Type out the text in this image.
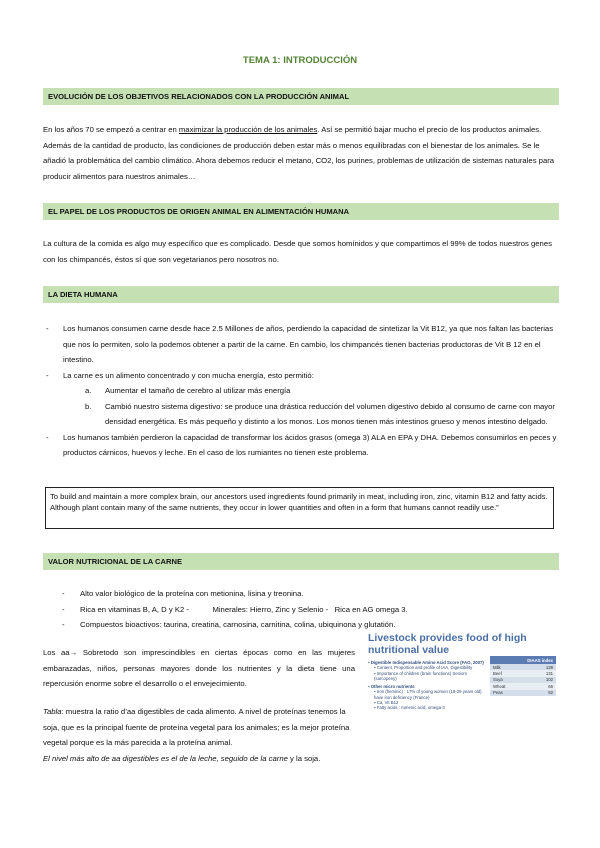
TEMA 1: INTRODUCCIÓN
EVOLUCIÓN DE LOS OBJETIVOS RELACIONADOS CON LA PRODUCCIÓN ANIMAL
En los años 70 se empezó a centrar en maximizar la producción de los animales. Así se permitió bajar mucho el precio de los productos animales. Además de la cantidad de producto, las condiciones de producción deben estar más o menos equilibradas con el bienestar de los animales. Se le añadió la problemática del cambio climático. Ahora debemos reducir el metano, CO2, los purines, problemas de utilización de sistemas naturales para producir alimentos para nuestros animales…
EL PAPEL DE LOS PRODUCTOS DE ORIGEN ANIMAL EN ALIMENTACIÓN HUMANA
La cultura de la comida es algo muy específico que es complicado. Desde que somos homínidos y que compartimos el 99% de todos nuestros genes con los chimpancés, éstos sí que son vegetarianos pero nosotros no.
LA DIETA HUMANA
- Los humanos consumen carne desde hace 2.5 Millones de años, perdiendo la capacidad de sintetizar la Vit B12, ya que nos faltan las bacterias que nos lo permiten, solo la podemos obtener a partir de la carne. En cambio, los chimpancés tienen bacterias productoras de Vit B 12 en el intestino.
- La carne es un alimento concentrado y con mucha energía, esto permitió:
a. Aumentar el tamaño de cerebro al utilizar más energía
b. Cambió nuestro sistema digestivo: se produce una drástica reducción del volumen digestivo debido al consumo de carne con mayor densidad energética. Es más pequeño y distinto a los monos. Los monos tienen más intestinos grueso y menos intestino delgado.
- Los humanos también perdieron la capacidad de transformar los ácidos grasos (omega 3) ALA en EPA y DHA. Debemos consumirlos en peces y productos cárnicos, huevos y leche. En el caso de los rumiantes no tienen este problema.
To build and maintain a more complex brain, our ancestors used ingredients found primarily in meat, including iron, zinc, vitamin B12 and fatty acids. Although plant contain many of the same nutrients, they occur in lower quantities and often in a form that humans cannot readily use.”
VALOR NUTRICIONAL DE LA CARNE
- Alto valor biológico de la proteína con metionina, lisina y treonina.
- Rica en vitaminas B, A, D y K2 -           Minerales: Hierro, Zinc y Selenio -   Rica en AG omega 3.
- Compuestos bioactivos: taurina, creatina, carnosina, carnitina, colina, ubiquinona y glutatión.
Los aa→ Sobretodo son imprescindibles en ciertas épocas como en las mujeres embarazadas, niños, personas mayores donde los nutrientes y la dieta tiene una repercusión enorme sobre el desarrollo o el envejecimiento.
Tabla: muestra la ratio d’aa digestibles de cada alimento. A nivel de proteínas tenemos la soja, que es la principal fuente de proteína vegetal para los animales; es la mejor proteína vegetal porque es la más parecida a la proteína animal.
El nivel más alto de aa digestibles es el de la leche, seguido de la carne y la soja.
Livestock provides food of high nutritional value
▪ Digestible Indispensable Amino Acid Score (FAO, 2007)
▪ Content, Proportion and profile of IAA, Digestibility
▪ Importance of children (brain functions) Seniors (sarcopeny)
▪ Other micro nutrients
▪ Iron (heminic) : 17% of young women (18-29 years old) have iron deficiency (France)
▪ Ca, Vit B12
▪ Fatty acids : rumenic acid, omega-3
DIAAS index	
Milk	139
Beef	131
Soya	102
Wheat	65
Peas	82
